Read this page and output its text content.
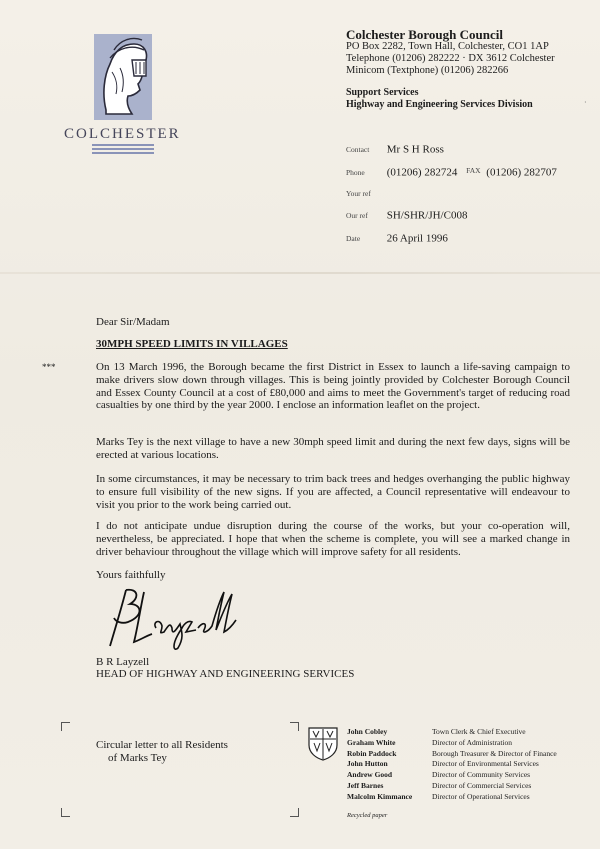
COLCHESTER
Colchester Borough Council
PO Box 2282, Town Hall, Colchester, CO1 1AP
Telephone (01206) 282222 · DX 3612 Colchester
Minicom (Textphone) (01206) 282266
Support Services
Highway and Engineering Services Division	·
Contact Mr S H Ross
Phone (01206) 282724 $^{FAX}$ (01206) 282707
Your ref
Our ref SH/SHR/JH/C008
Date 26 April 1996
Dear Sir/Madam
30MPH SPEED LIMITS IN VILLAGES
***	On 13 March 1996, the Borough became the first District in Essex to launch a life-saving campaign to make drivers slow down through villages. This is being jointly provided by Colchester Borough Council and Essex County Council at a cost of £80,000 and aims to meet the Government's target of reducing road casualties by one third by the year 2000. I enclose an information leaflet on the project.

Marks Tey is the next village to have a new 30mph speed limit and during the next few days, signs will be erected at various locations.

In some circumstances, it may be necessary to trim back trees and hedges overhanging the public highway to ensure full visibility of the new signs. If you are affected, a Council representative will endeavour to visit you prior to the work being carried out.

I do not anticipate undue disruption during the course of the works, but your co-operation will, nevertheless, be appreciated. I hope that when the scheme is complete, you will see a marked change in driver behaviour throughout the village which will improve safety for all residents.

Yours faithfully
B R Layzell
HEAD OF HIGHWAY AND ENGINEERING SERVICES
Circular letter to all Residents
of Marks Tey
John Cobley	Town Clerk & Chief Executive
Graham White	Director of Administration
Robin Paddock	Borough Treasurer & Director of Finance
John Hutton	Director of Environmental Services
Andrew Good	Director of Community Services
Jeff Barnes	Director of Commercial Services
Malcolm Kimmance	Director of Operational Services
Recycled paper
